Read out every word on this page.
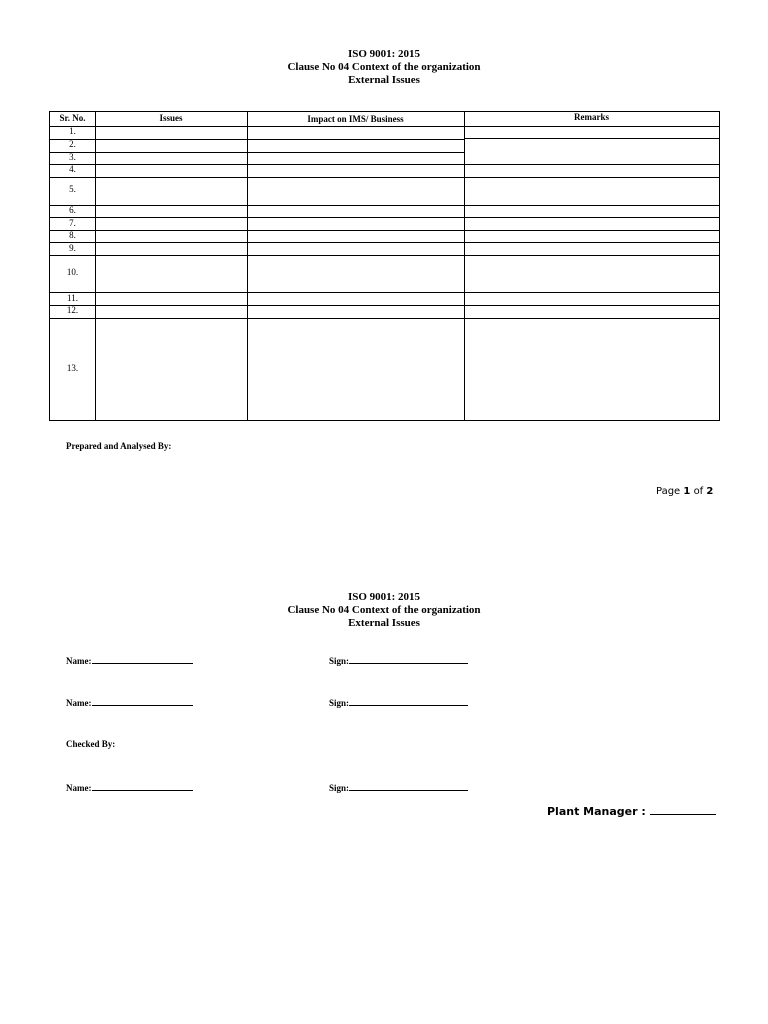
ISO 9001: 2015
Clause No 04 Context of the organization
External Issues
Sr. No.	Issues	Impact on IMS/ Business	Remarks
1.
2.
3.
4.
5.
6.
7.
8.
9.
10.
11.
12.
13.
Prepared and Analysed By:
Page 1 of 2
ISO 9001: 2015
Clause No 04 Context of the organization
External Issues
Name:	Sign:
Name:	Sign:
Checked By:
Name:	Sign:
Plant Manager :
